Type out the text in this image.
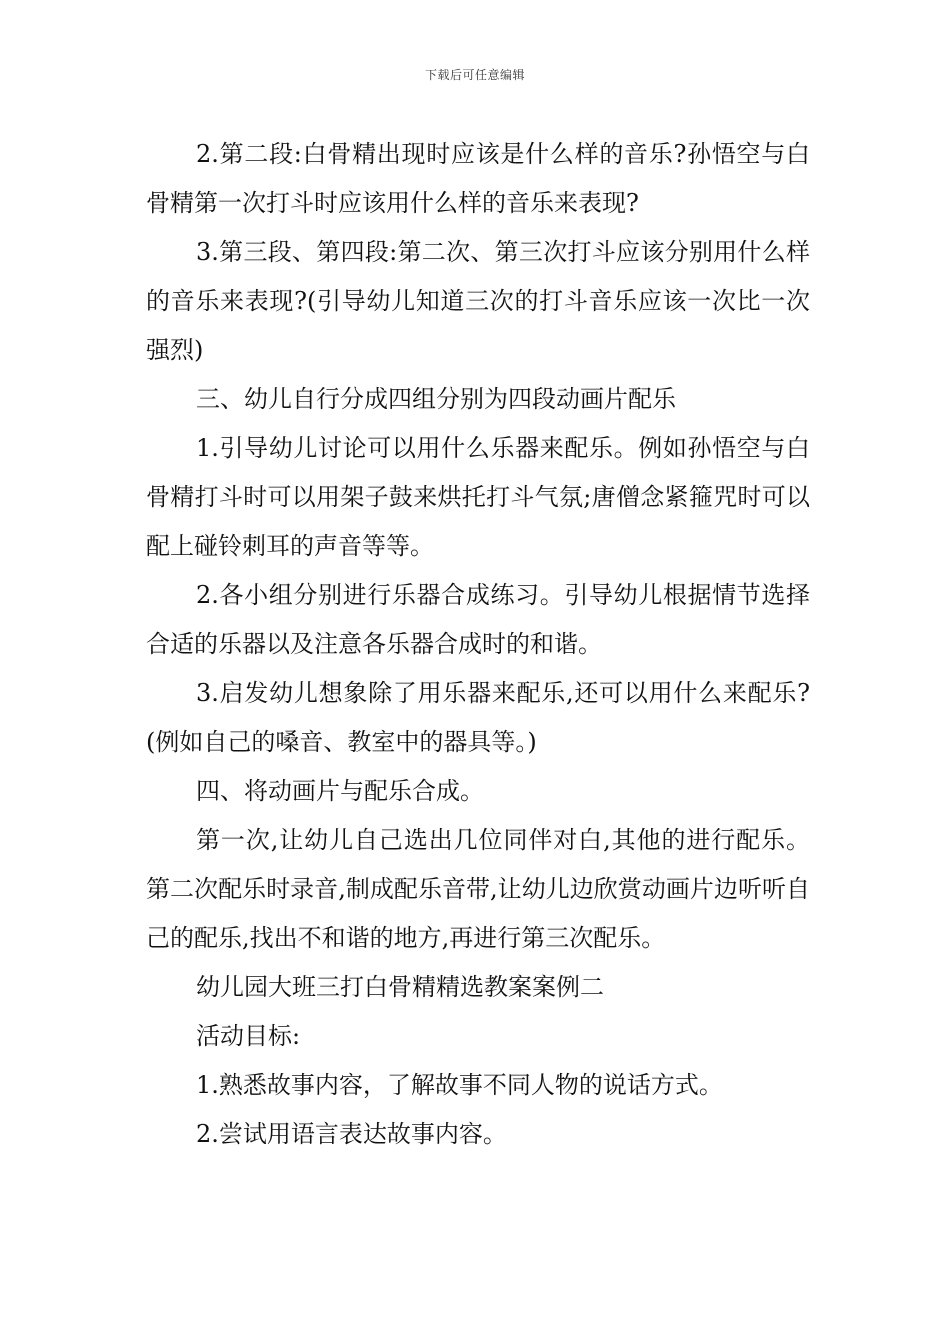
下载后可任意编辑

2.第二段:白骨精出现时应该是什么样的音乐?孙悟空与白骨精第一次打斗时应该用什么样的音乐来表现?

3.第三段、第四段:第二次、第三次打斗应该分别用什么样的音乐来表现?(引导幼儿知道三次的打斗音乐应该一次比一次强烈)

三、幼儿自行分成四组分别为四段动画片配乐

1.引导幼儿讨论可以用什么乐器来配乐。例如孙悟空与白骨精打斗时可以用架子鼓来烘托打斗气氛;唐僧念紧箍咒时可以配上碰铃刺耳的声音等等。

2.各小组分别进行乐器合成练习。引导幼儿根据情节选择合适的乐器以及注意各乐器合成时的和谐。

3.启发幼儿想象除了用乐器来配乐,还可以用什么来配乐?(例如自己的嗓音、教室中的器具等。)

四、将动画片与配乐合成。

第一次,让幼儿自己选出几位同伴对白,其他的进行配乐。第二次配乐时录音,制成配乐音带,让幼儿边欣赏动画片边听听自己的配乐,找出不和谐的地方,再进行第三次配乐。

幼儿园大班三打白骨精精选教案案例二

活动目标:

1.熟悉故事内容，了解故事不同人物的说话方式。

2.尝试用语言表达故事内容。
